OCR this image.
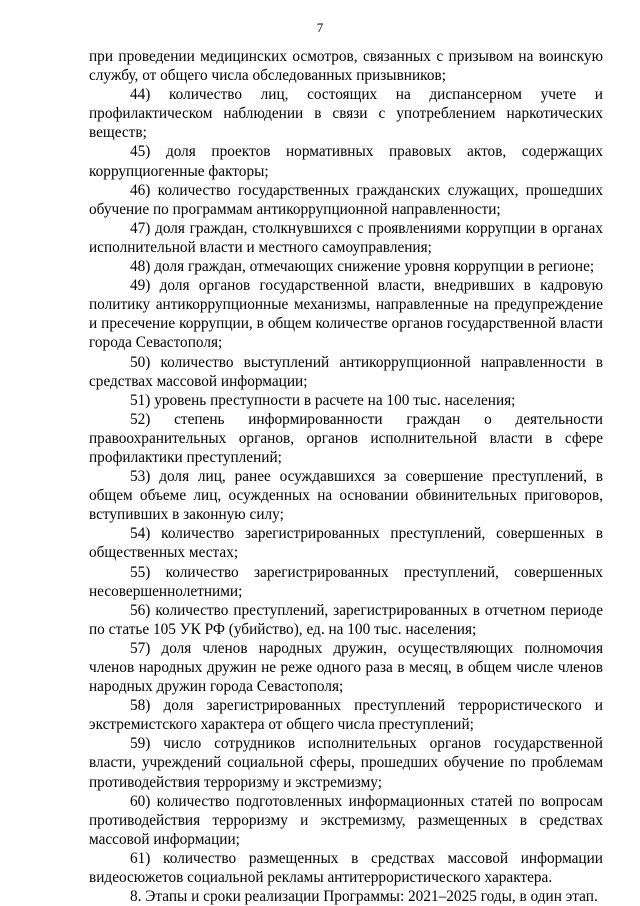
7

при проведении медицинских осмотров, связанных с призывом на воинскую службу, от общего числа обследованных призывников;

44) количество лиц, состоящих на диспансерном учете и профилактическом наблюдении в связи с употреблением наркотических веществ;

45) доля проектов нормативных правовых актов, содержащих коррупциогенные факторы;

46) количество государственных гражданских служащих, прошедших обучение по программам антикоррупционной направленности;

47) доля граждан, столкнувшихся с проявлениями коррупции в органах исполнительной власти и местного самоуправления;

48) доля граждан, отмечающих снижение уровня коррупции в регионе;

49) доля органов государственной власти, внедривших в кадровую политику антикоррупционные механизмы, направленные на предупреждение и пресечение коррупции, в общем количестве органов государственной власти города Севастополя;

50) количество выступлений антикоррупционной направленности в средствах массовой информации;

51) уровень преступности в расчете на 100 тыс. населения;

52) степень информированности граждан о деятельности правоохранительных органов, органов исполнительной власти в сфере профилактики преступлений;

53) доля лиц, ранее осуждавшихся за совершение преступлений, в общем объеме лиц, осужденных на основании обвинительных приговоров, вступивших в законную силу;

54) количество зарегистрированных преступлений, совершенных в общественных местах;

55) количество зарегистрированных преступлений, совершенных несовершеннолетними;

56) количество преступлений, зарегистрированных в отчетном периоде по статье 105 УК РФ (убийство), ед. на 100 тыс. населения;

57) доля членов народных дружин, осуществляющих полномочия членов народных дружин не реже одного раза в месяц, в общем числе членов народных дружин города Севастополя;

58) доля зарегистрированных преступлений террористического и экстремистского характера от общего числа преступлений;

59) число сотрудников исполнительных органов государственной власти, учреждений социальной сферы, прошедших обучение по проблемам противодействия терроризму и экстремизму;

60) количество подготовленных информационных статей по вопросам противодействия терроризму и экстремизму, размещенных в средствах массовой информации;

61) количество размещенных в средствах массовой информации видеосюжетов социальной рекламы антитеррористического характера.

8. Этапы и сроки реализации Программы: 2021–2025 годы, в один этап.
